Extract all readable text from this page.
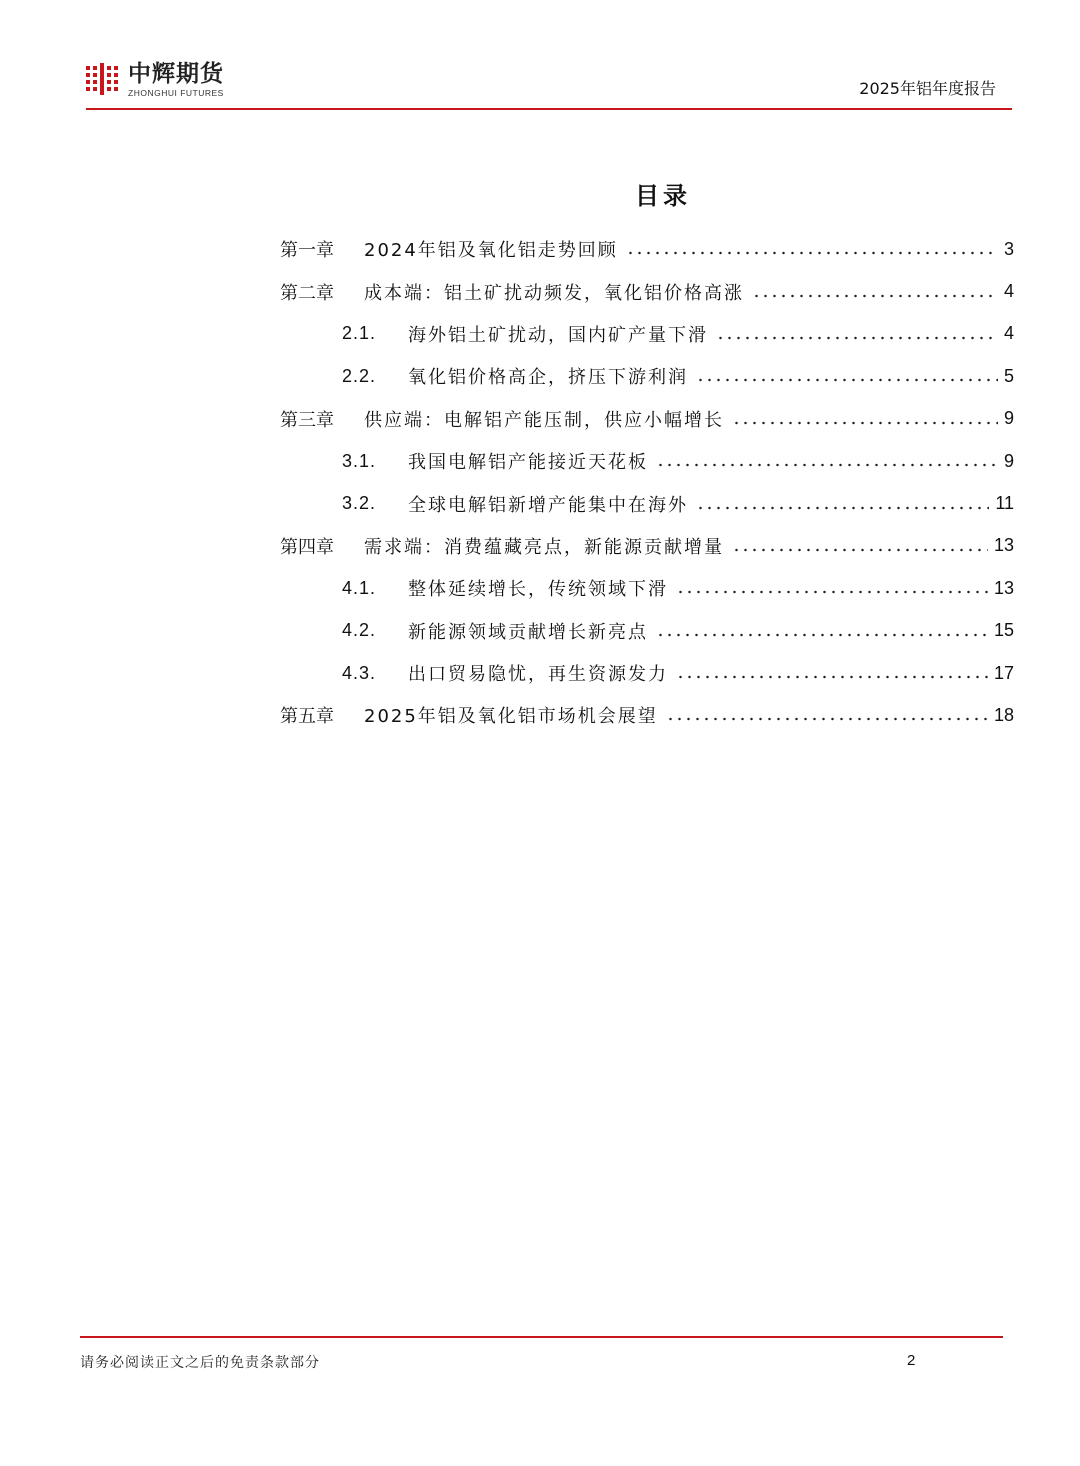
中辉期货
ZHONGHUI FUTURES	2025年铝年度报告
目录
第一章	2024年铝及氧化铝走势回顾	3
第二章	成本端：铝土矿扰动频发，氧化铝价格高涨	4
2.1.	海外铝土矿扰动，国内矿产量下滑	4
2.2.	氧化铝价格高企，挤压下游利润	5
第三章	供应端：电解铝产能压制，供应小幅增长	9
3.1.	我国电解铝产能接近天花板	9
3.2.	全球电解铝新增产能集中在海外	11
第四章	需求端：消费蕴藏亮点，新能源贡献增量	13
4.1.	整体延续增长，传统领域下滑	13
4.2.	新能源领域贡献增长新亮点	15
4.3.	出口贸易隐忧，再生资源发力	17
第五章	2025年铝及氧化铝市场机会展望	18
请务必阅读正文之后的免责条款部分	2
